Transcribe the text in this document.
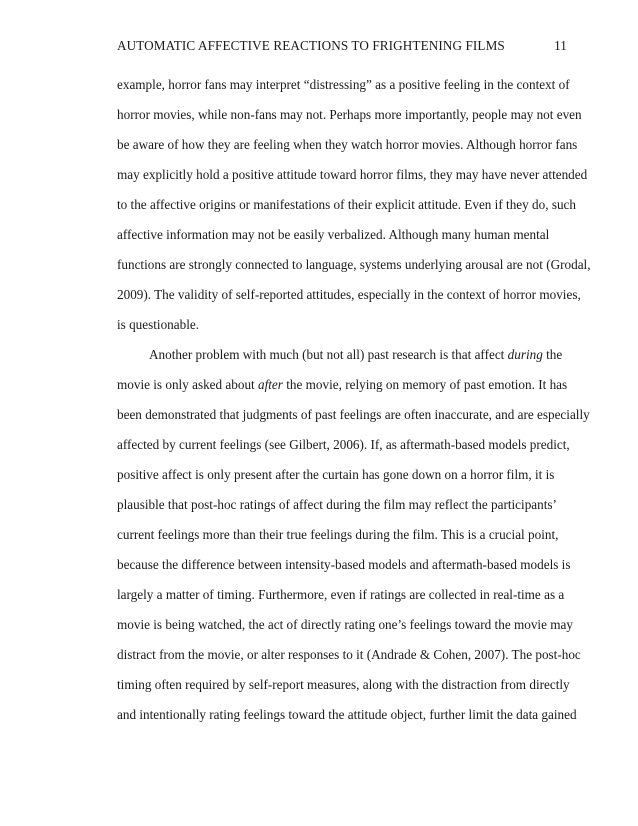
AUTOMATIC AFFECTIVE REACTIONS TO FRIGHTENING FILMS	11
example, horror fans may interpret “distressing” as a positive feeling in the context of
horror movies, while non-fans may not. Perhaps more importantly, people may not even
be aware of how they are feeling when they watch horror movies. Although horror fans
may explicitly hold a positive attitude toward horror films, they may have never attended
to the affective origins or manifestations of their explicit attitude. Even if they do, such
affective information may not be easily verbalized. Although many human mental
functions are strongly connected to language, systems underlying arousal are not (Grodal,
2009). The validity of self-reported attitudes, especially in the context of horror movies,
is questionable.
Another problem with much (but not all) past research is that affect during the
movie is only asked about after the movie, relying on memory of past emotion. It has
been demonstrated that judgments of past feelings are often inaccurate, and are especially
affected by current feelings (see Gilbert, 2006). If, as aftermath-based models predict,
positive affect is only present after the curtain has gone down on a horror film, it is
plausible that post-hoc ratings of affect during the film may reflect the participants’
current feelings more than their true feelings during the film. This is a crucial point,
because the difference between intensity-based models and aftermath-based models is
largely a matter of timing. Furthermore, even if ratings are collected in real-time as a
movie is being watched, the act of directly rating one’s feelings toward the movie may
distract from the movie, or alter responses to it (Andrade & Cohen, 2007). The post-hoc
timing often required by self-report measures, along with the distraction from directly
and intentionally rating feelings toward the attitude object, further limit the data gained
